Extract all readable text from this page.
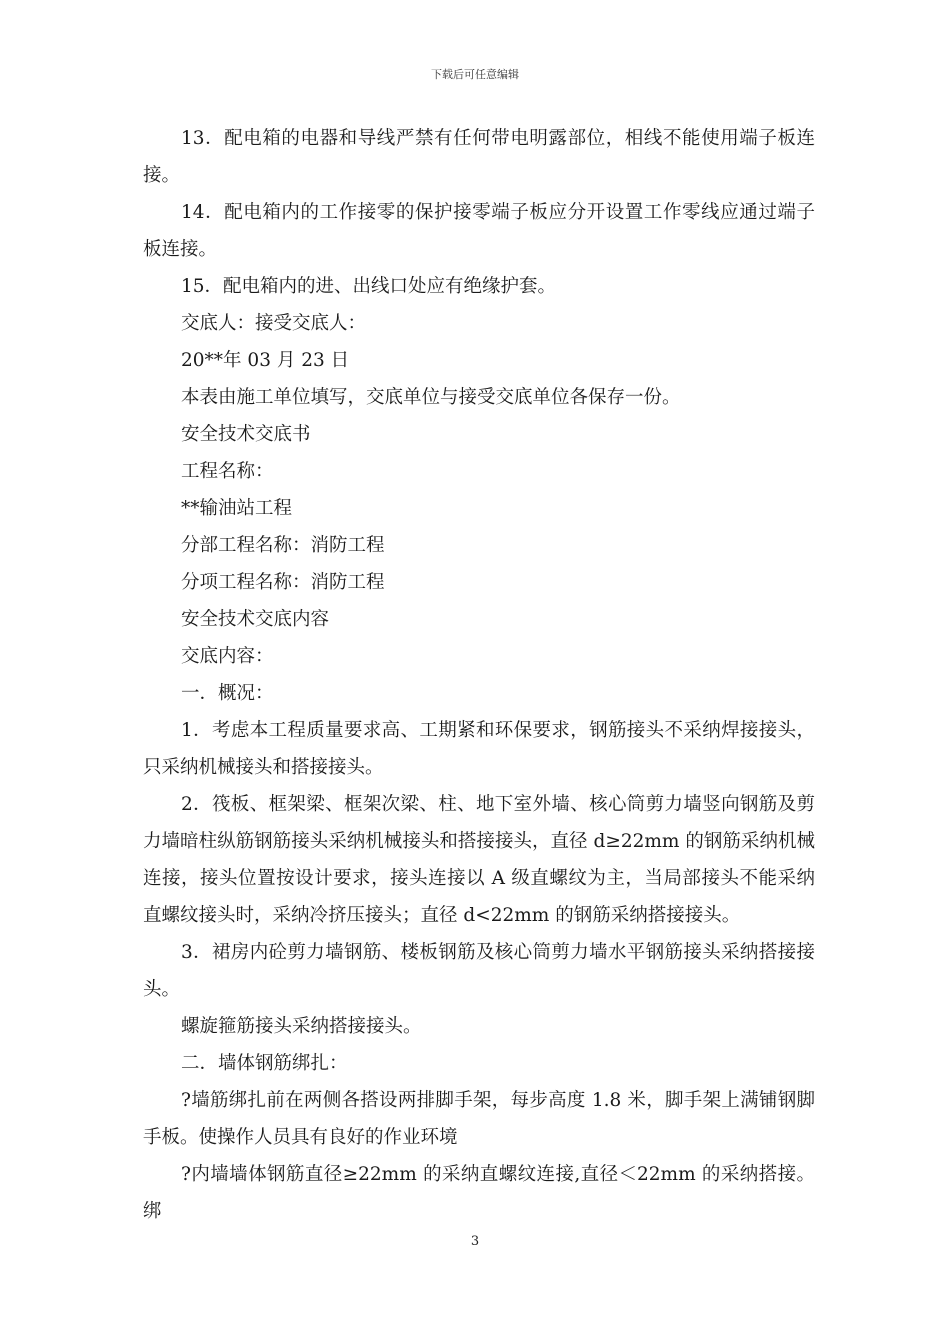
下载后可任意编辑

13．配电箱的电器和导线严禁有任何带电明露部位，相线不能使用端子板连接。

14．配电箱内的工作接零的保护接零端子板应分开设置工作零线应通过端子板连接。

15．配电箱内的进、出线口处应有绝缘护套。

交底人：接受交底人：

20**年 03 月 23 日

本表由施工单位填写，交底单位与接受交底单位各保存一份。

安全技术交底书

工程名称：

**输油站工程

分部工程名称：消防工程

分项工程名称：消防工程

安全技术交底内容

交底内容：

一．概况：

1．考虑本工程质量要求高、工期紧和环保要求，钢筋接头不采纳焊接接头，只采纳机械接头和搭接接头。

2．筏板、框架梁、框架次梁、柱、地下室外墙、核心筒剪力墙竖向钢筋及剪力墙暗柱纵筋钢筋接头采纳机械接头和搭接接头，直径 d≥22mm 的钢筋采纳机械连接，接头位置按设计要求，接头连接以 A 级直螺纹为主，当局部接头不能采纳直螺纹接头时，采纳冷挤压接头；直径 d<22mm 的钢筋采纳搭接接头。

3．裙房内砼剪力墙钢筋、楼板钢筋及核心筒剪力墙水平钢筋接头采纳搭接接头。

螺旋箍筋接头采纳搭接接头。

二．墙体钢筋绑扎：

?墙筋绑扎前在两侧各搭设两排脚手架，每步高度 1.8 米，脚手架上满铺钢脚手板。使操作人员具有良好的作业环境

?内墙墙体钢筋直径≥22mm 的采纳直螺纹连接,直径＜22mm 的采纳搭接。绑

3
